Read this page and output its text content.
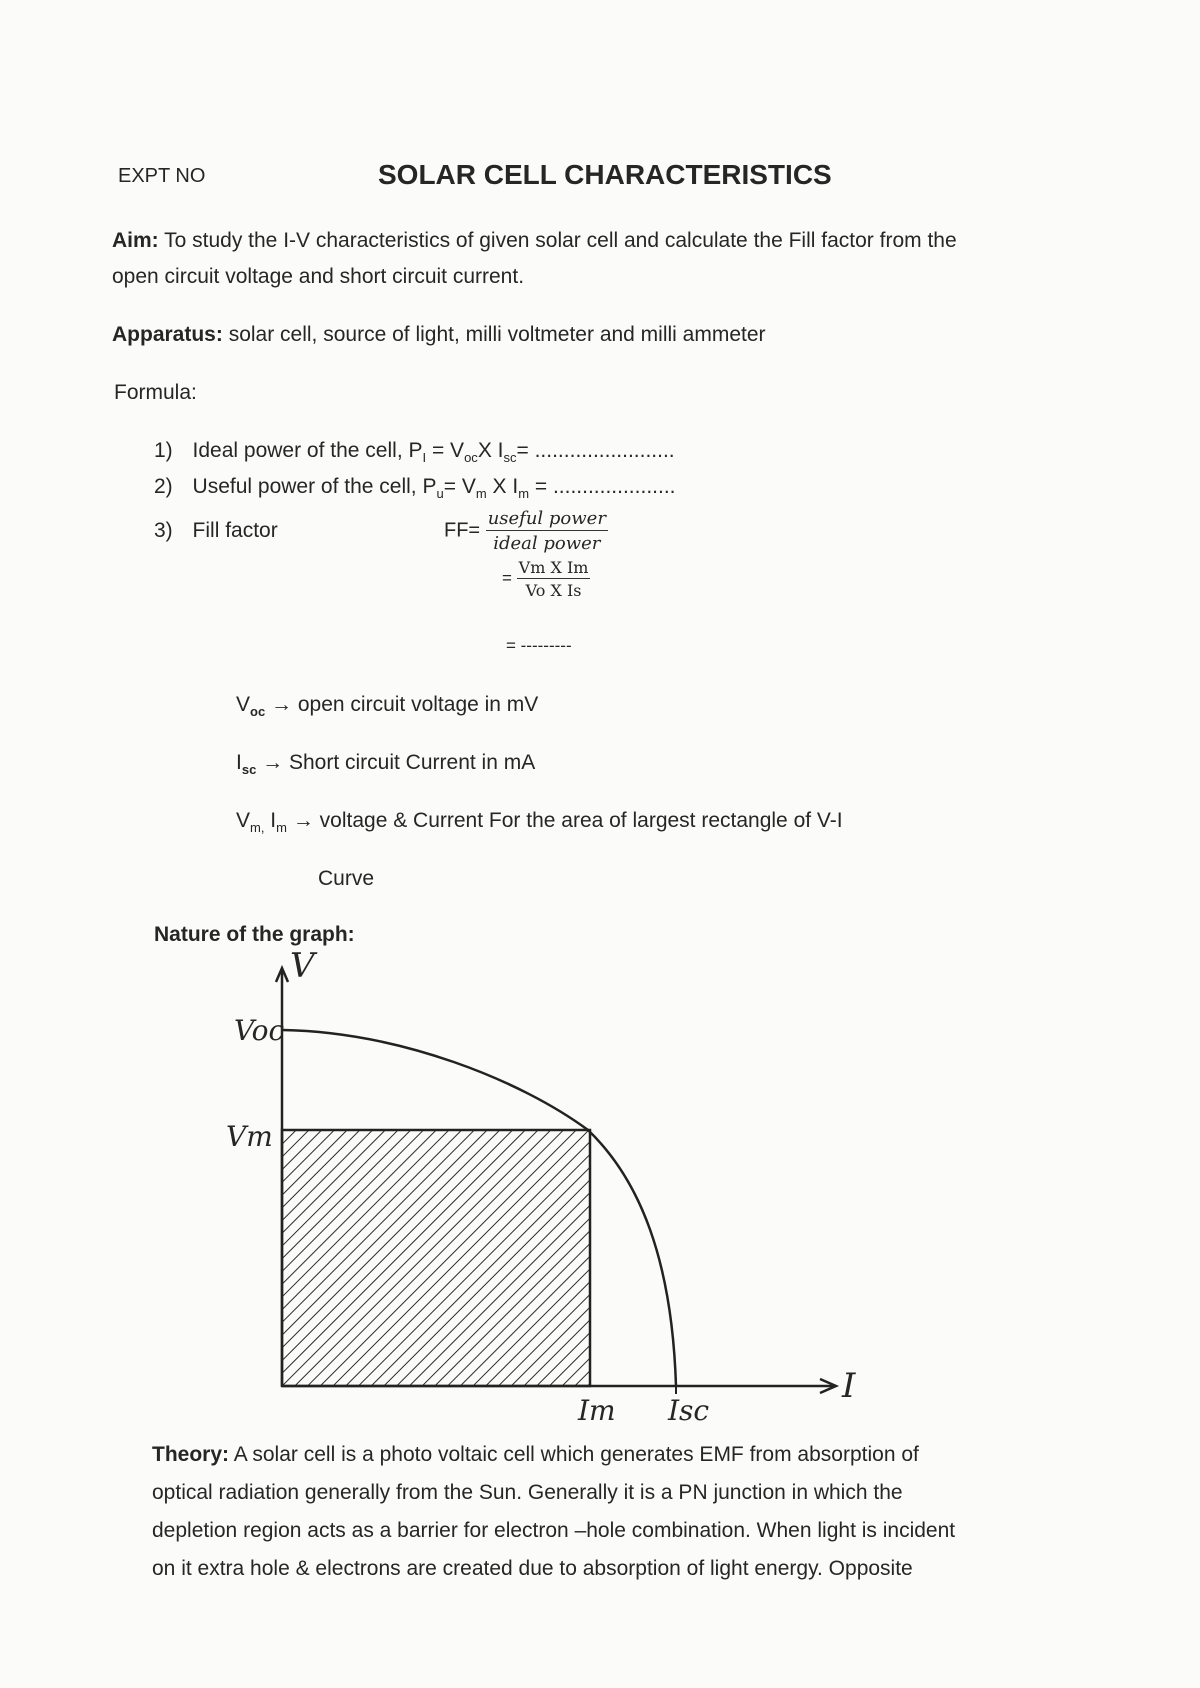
EXPT NO	SOLAR CELL CHARACTERISTICS
Aim: To study the I-V characteristics of given solar cell and calculate the Fill factor from the
open circuit voltage and short circuit current.
Apparatus: solar cell, source of light, milli voltmeter and milli ammeter
Formula:
1) Ideal power of the cell, $P_I = V_{oc}X$ $I_{sc}=$ ........................
2) Useful power of the cell, $P_u= V_m$ X $I_m$ = .....................
3) Fill factor	$FF= \frac{\text{useful power}}{\text{ideal power}}$
= $\frac{\text{Vm X Im}}{\text{Vo X Is}}$
= ---------
$V_{oc}$ → open circuit voltage in mV
$I_{sc}$ → Short circuit Current in mA
$V_{m,}$ $I_m$ → voltage & Current For the area of largest rectangle of V-I
Curve
Nature of the graph:
V
I
Voc
Vm
Im Isc
Theory: A solar cell is a photo voltaic cell which generates EMF from absorption of
optical radiation generally from the Sun. Generally it is a PN junction in which the
depletion region acts as a barrier for electron –hole combination. When light is incident
on it extra hole & electrons are created due to absorption of light energy. Opposite
